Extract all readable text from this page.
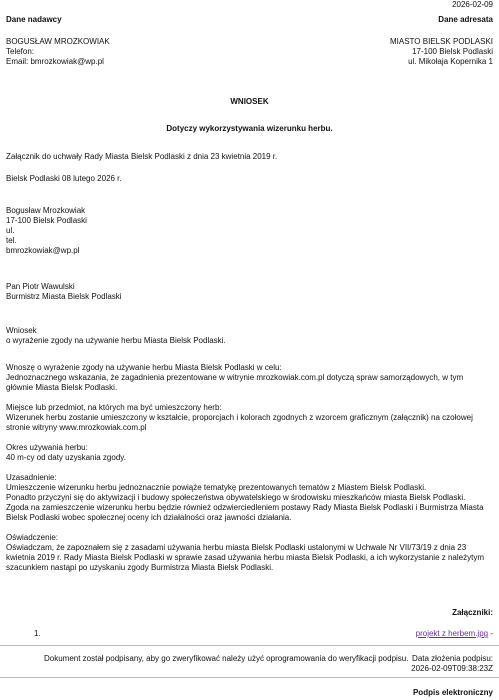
2026-02-09
Dane nadawcy
BOGUSŁAW MROZKOWIAK
Telefon:
Email: bmrozkowiak@wp.pl
Dane adresata
MIASTO BIELSK PODLASKI
17-100 Bielsk Podlaski
ul. Mikołaja Kopernika 1
WNIOSEK
Dotyczy wykorzystywania wizerunku herbu.
Załącznik do uchwały Rady Miasta Bielsk Podlaski z dnia 23 kwietnia 2019 r.
Bielsk Podlaski 08 lutego 2026 r.
Bogusław Mrozkowiak
17-100 Bielsk Podlaski
ul.
tel.
bmrozkowiak@wp.pl
Pan Piotr Wawulski
Burmistrz Miasta Bielsk Podlaski
Wniosek
o wyrażenie zgody na używanie herbu Miasta Bielsk Podlaski.
Wnoszę o wyrażenie zgody na używanie herbu Miasta Bielsk Podlaski w celu:
Jednoznacznego wskazania, że zagadnienia prezentowane w witrynie mrozkowiak.com.pl dotyczą spraw samorządowych, w tym
głównie Miasta Bielsk Podlaski.
Miejsce lub przedmiot, na których ma być umieszczony herb:
Wizerunek herbu zostanie umieszczony w kształcie, proporcjach i kolorach zgodnych z wzorcem graficznym (załącznik) na czołowej
stronie witryny www.mrozkowiak.com.pl
Okres używania herbu:
40 m-cy od daty uzyskania zgody.
Uzasadnienie:
Umieszczenie wizerunku herbu jednoznacznie powiąże tematykę prezentowanych tematów z Miastem Bielsk Podlaski.
Ponadto przyczyni się do aktywizacji i budowy społeczeństwa obywatelskiego w środowisku mieszkańców miasta Bielsk Podlaski.
Zgoda na zamieszczenie wizerunku herbu będzie również odzwierciedleniem postawy Rady Miasta Bielsk Podlaski i Burmistrza Miasta
Bielsk Podlaski wobec społecznej oceny ich działalności oraz jawności działania.
Oświadczenie:
Oświadczam, że zapoznałem się z zasadami używania herbu miasta Bielsk Podlaski ustalonymi w Uchwale Nr VII/73/19 z dnia 23
kwietnia 2019 r. Rady Miasta Bielsk Podlaski w sprawie zasad używania herbu miasta Bielsk Podlaski, a ich wykorzystanie z należytym
szacunkiem nastąpi po uzyskaniu zgody Burmistrza Miasta Bielsk Podlaski.
Załączniki:
1.	projekt z herbem.jpg -
Dokument został podpisany, aby go zweryfikować należy użyć oprogramowania do weryfikacji podpisu. Data złożenia podpisu:
2026-02-09T09:38:23Z
Podpis elektroniczny
